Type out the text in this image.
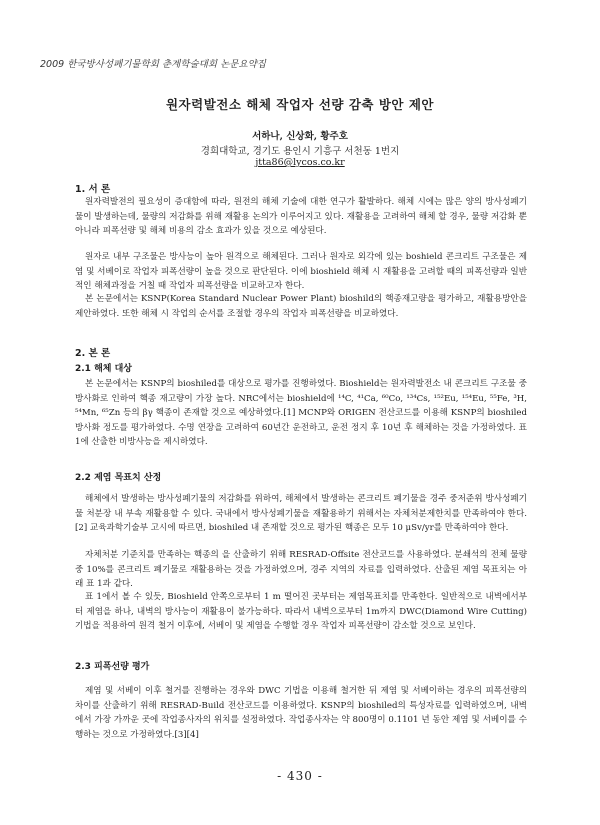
2009 한국방사성폐기물학회 춘계학술대회 논문요약집
원자력발전소 해체 작업자 선량 감축 방안 제안
서하나, 신상화, 황주호
경희대학교, 경기도 용인시 기흥구 서천동 1번지
jtta86@lycos.co.kr
1. 서 론

원자력발전의 필요성이 증대함에 따라, 원전의 해체 기술에 대한 연구가 활발하다. 해체 시에는 많은 양의 방사성폐기물이 발생하는데, 물량의 저감화를 위해 재활용 논의가 이루어지고 있다. 재활용을 고려하여 해체 할 경우, 물량 저감화 뿐 아니라 피폭선량 및 해체 비용의 감소 효과가 있을 것으로 예상된다.

원자로 내부 구조물은 방사능이 높아 원격으로 해체된다. 그러나 원자로 외각에 있는 boshield 콘크리트 구조물은 제염 및 서베이로 작업자 피폭선량이 높을 것으로 판단된다. 이에 bioshield 해체 시 재활용을 고려할 때의 피폭선량과 일반적인 해체과정을 거칠 때 작업자 피폭선량을 비교하고자 한다.

본 논문에서는 KSNP(Korea Standard Nuclear Power Plant) bioshild의 핵종재고량을 평가하고, 재활용방안을 제안하였다. 또한 해체 시 작업의 순서를 조절할 경우의 작업자 피폭선량을 비교하였다.

2. 본 론
2.1 해체 대상

본 논문에서는 KSNP의 bioshiled를 대상으로 평가를 진행하였다. Bioshield는 원자력발전소 내 콘크리트 구조물 중 방사화로 인하여 핵종 재고량이 가장 높다. NRC에서는 bioshield에 ¹⁴C, ⁴¹Ca, ⁶⁰Co, ¹³⁴Cs, ¹⁵²Eu, ¹⁵⁴Eu, ⁵⁵Fe, ³H, ⁵⁴Mn, ⁶⁵Zn 등의 βγ 핵종이 존재할 것으로 예상하였다.[1] MCNP와 ORIGEN 전산코드를 이용해 KSNP의 bioshiled 방사화 정도를 평가하였다. 수명 연장을 고려하여 60년간 운전하고, 운전 정지 후 10년 후 해체하는 것을 가정하였다. 표 1에 산출한 비방사능을 제시하였다.

2.2 제염 목표치 산정

해체에서 발생하는 방사성폐기물의 저감화를 위하여, 해체에서 발생하는 콘크리트 폐기물을 경주 중저준위 방사성폐기물 처분장 내 부속 재활용할 수 있다. 국내에서 방사성폐기물을 재활용하기 위해서는 자체처분제한치를 만족하여야 한다.[2] 교육과학기술부 고시에 따르면, bioshiled 내 존재할 것으로 평가된 핵종은 모두 10 μSv/yr를 만족하여야 한다.

자체처분 기준치를 만족하는 핵종의 을 산출하기 위해 RESRAD-Offsite 전산코드를 사용하였다. 분쇄석의 전체 물량 중 10%를 콘크리트 폐기물로 재활용하는 것을 가정하였으며, 경주 지역의 자료를 입력하였다. 산출된 제염 목표치는 아래 표 1과 같다.

표 1에서 볼 수 있듯, Bioshield 안쪽으로부터 1 m 떨어진 곳부터는 제염목표치를 만족한다. 일반적으로 내벽에서부터 제염을 하나, 내벽의 방사능이 재활용이 불가능하다. 따라서 내벽으로부터 1m까지 DWC(Diamond Wire Cutting) 기법을 적용하여 원격 철거 이후에, 서베이 및 제염을 수행할 경우 작업자 피폭선량이 감소할 것으로 보인다.

2.3 피폭선량 평가

제염 및 서베이 이후 철거를 진행하는 경우와 DWC 기법을 이용해 철거한 뒤 제염 및 서베이하는 경우의 피폭선량의 차이를 산출하기 위해 RESRAD-Build 전산코드를 이용하였다. KSNP의 bioshiled의 특성자료를 입력하였으며, 내벽에서 가장 가까운 곳에 작업종사자의 위치를 설정하였다. 작업종사자는 약 800명이 0.1101 년 동안 제염 및 서베이를 수행하는 것으로 가정하였다.[3][4]

- 430 -
